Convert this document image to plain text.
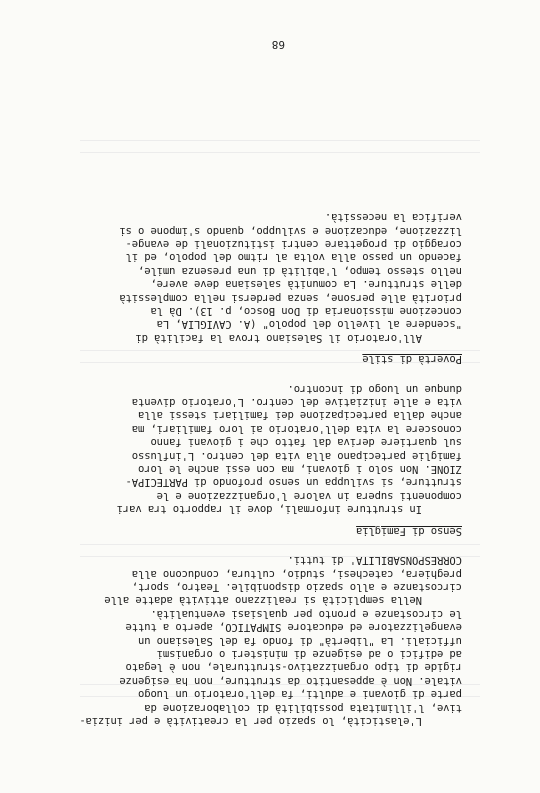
L'elasticità, lo spazio per la creatività e per inizia-
tive, l'illimitata possibilità di collaborazione da
parte di giovani e adulti, fa dell'oratorio un luogo
vitale. Non è appesantito da strutture, non ha esigenze
rigide di tipo organizzativo-strutturale, non è legato
ad edifici o ad esigenze di ministeri o organismi
ufficiali. La "libertà" di fondo fa del Salesiano un
evangelizzatore ed educatore SIMPATICO, aperto a tutte
le circostanze e pronto per qualsiasi eventualità.
Nella semplicità si realizzano attività adatte alle
circostanze e allo spazio disponibile. Teatro, sport,
preghiera, catechesi, studio, cultura, conducono alla
CORRESPONSABILITA' di tutti.
Senso di Famiglia
In strutture informali, dove il rapporto tra vari
componenti supera in valore l'organizzazione e le
strutture, si sviluppa un senso profondo di PARTECIPA-
ZIONE. Non solo i giovani, ma con essi anche le loro
famiglie partecipano alla vita del centro. L'influsso
sul quartiere deriva dal fatto che i giovani fanno
conoscere la vita dell'oratorio ai loro familiari, ma
anche dalla partecipazione dei familiari stessi alla
vita e alle iniziative del centro. L'oratorio diventa
dunque un luogo di incontro.
Povertà di stile
All'oratorio il Salesiano trova la facilità di
"scendere al livello del popolo" (A. CAVIGLIA, La
concezione missionaria di Don Bosco, p. 13). Dà la
priorità alle persone, senza perdersi nella complessità
delle strutture. La comunità salesiana deve avere,
nello stesso tempo, l'abilità di una presenza umile,
facendo un passo alla volta al ritmo del popolo, ed il
coraggio di progettare centri istituzionali de evange-
lizzazione, educazione e sviluppo, quando s'impone o si
verifica la necessità.
68
